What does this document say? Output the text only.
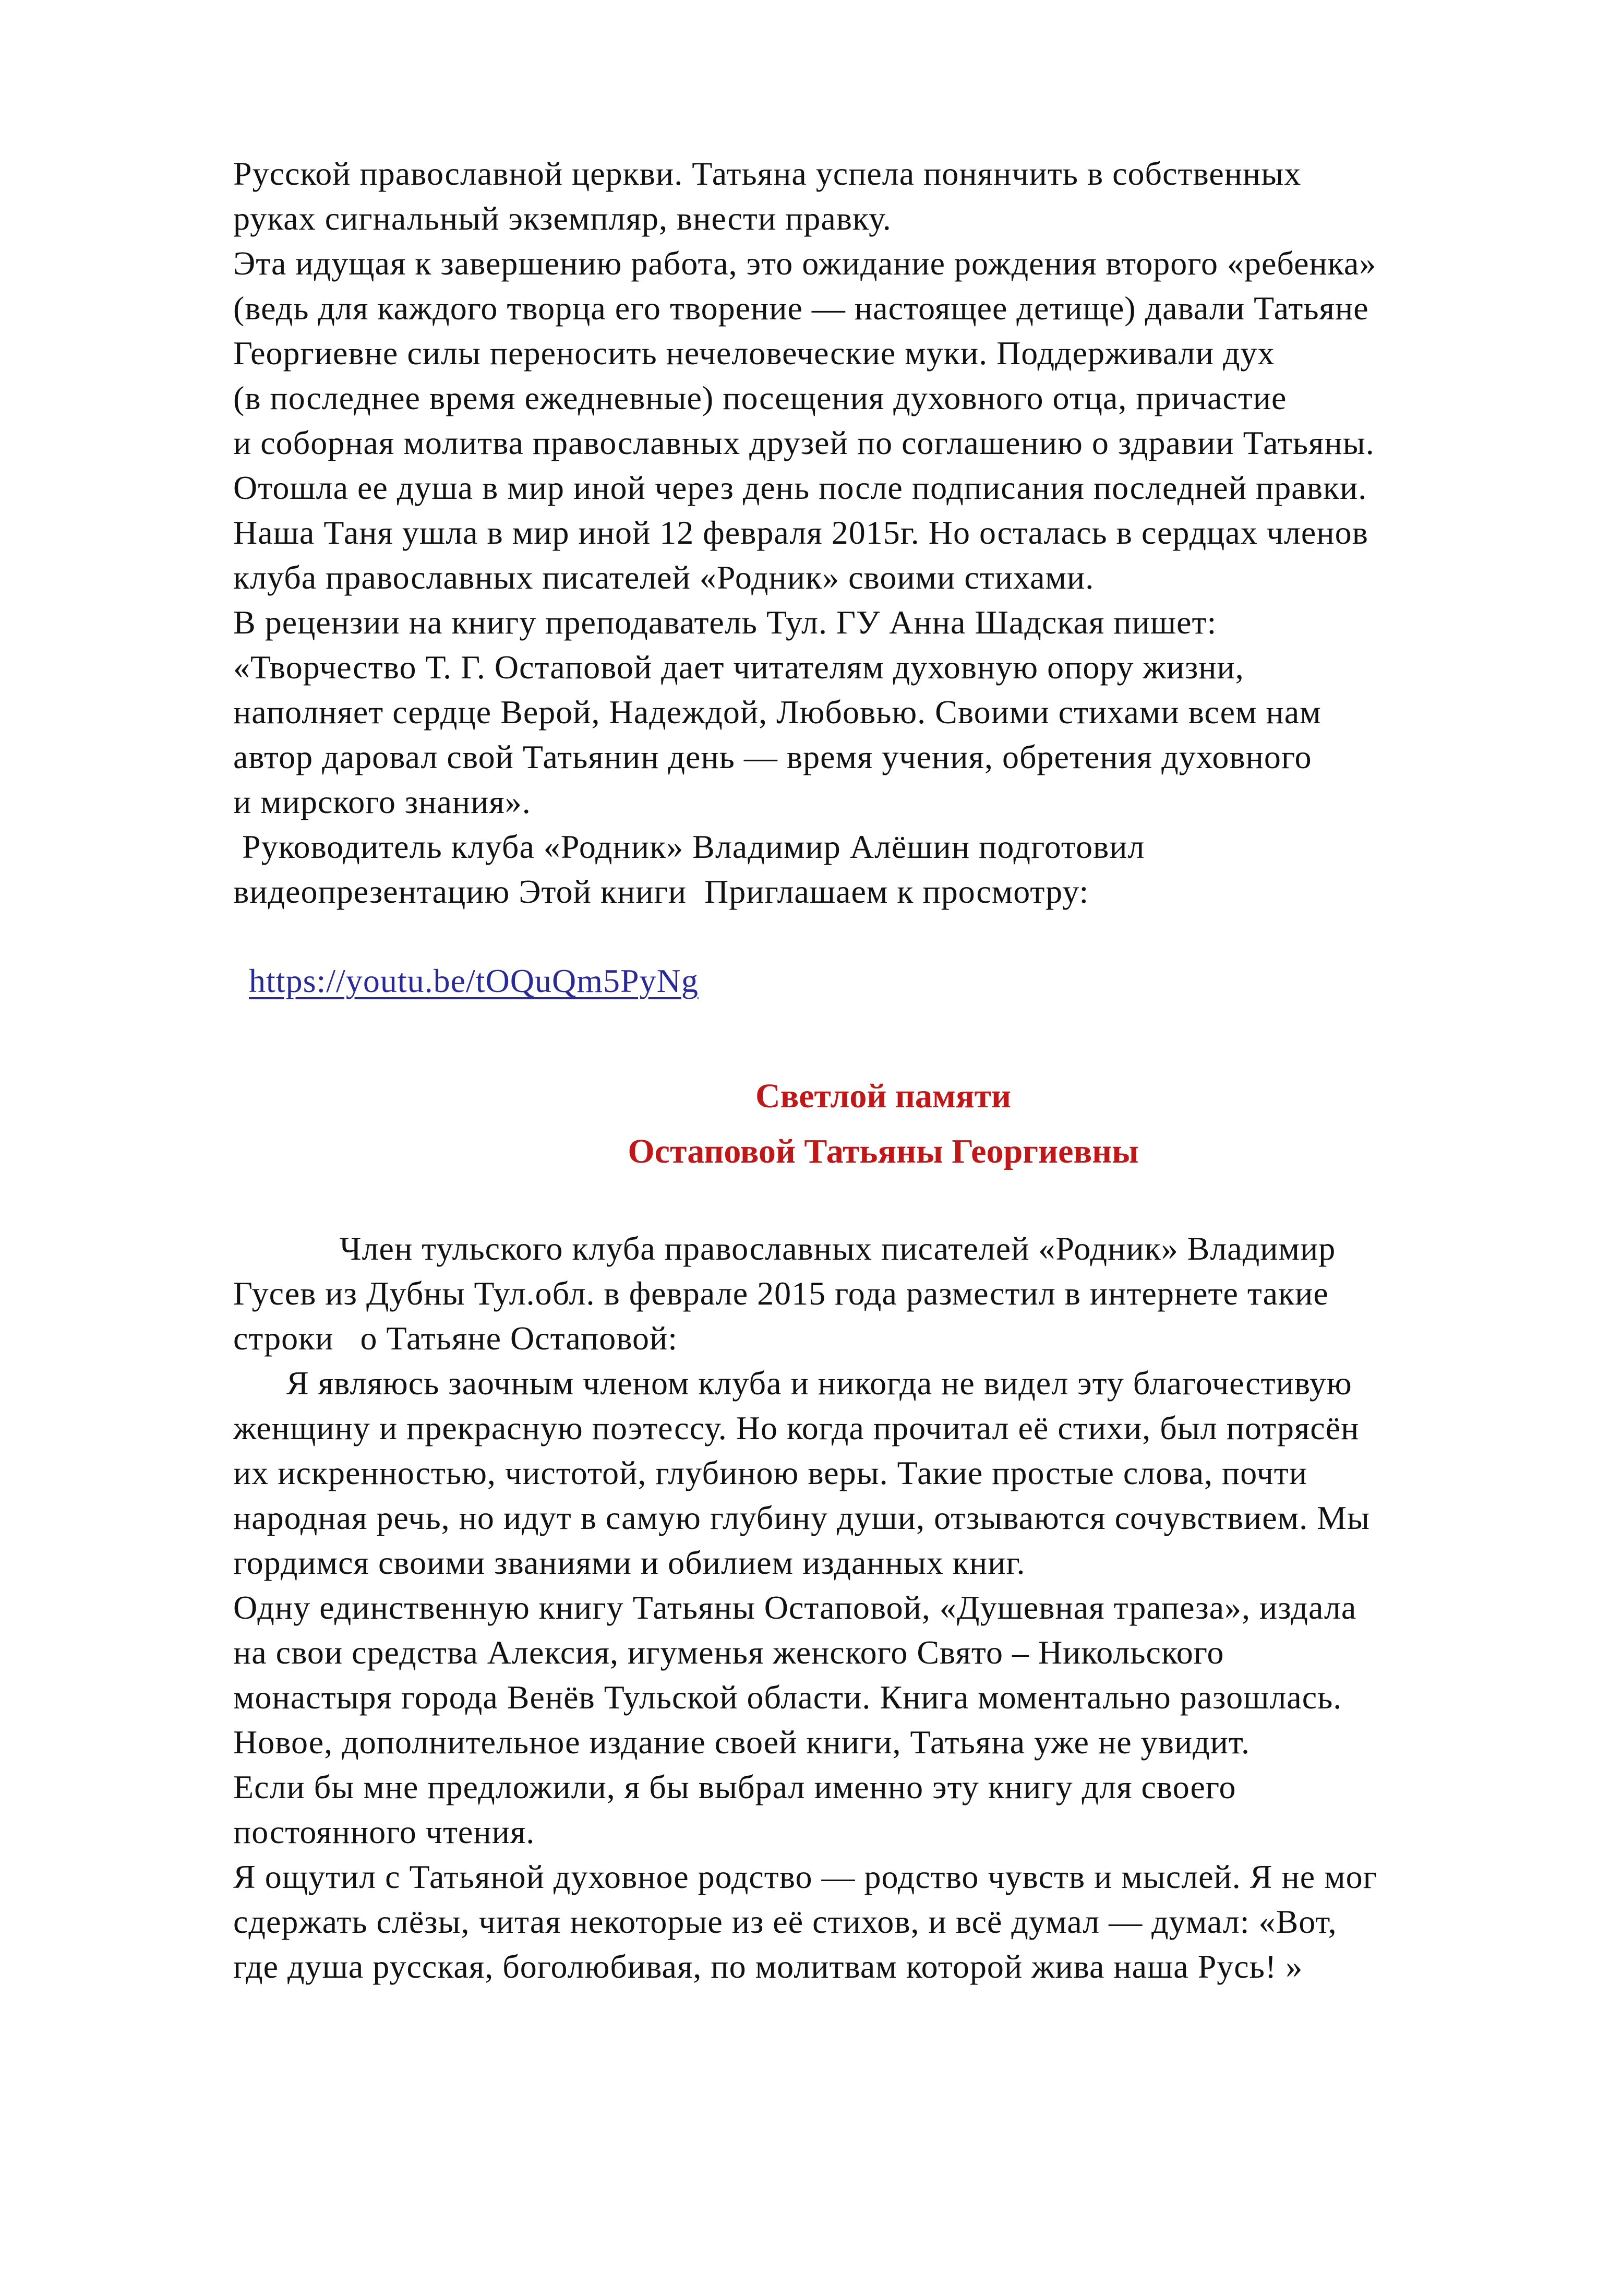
Русской православной церкви. Татьяна успела понянчить в собственных
руках сигнальный экземпляр, внести правку.
Эта идущая к завершению работа, это ожидание рождения второго «ребенка»
(ведь для каждого творца его творение — настоящее детище) давали Татьяне
Георгиевне силы переносить нечеловеческие муки. Поддерживали дух
(в последнее время ежедневные) посещения духовного отца, причастие
и соборная молитва православных друзей по соглашению о здравии Татьяны.
Отошла ее душа в мир иной через день после подписания последней правки.
Наша Таня ушла в мир иной 12 февраля 2015г. Но осталась в сердцах членов
клуба православных писателей «Родник» своими стихами.
В рецензии на книгу преподаватель Тул. ГУ Анна Шадская пишет:
«Творчество Т. Г. Остаповой дает читателям духовную опору жизни,
наполняет сердце Верой, Надеждой, Любовью. Своими стихами всем нам
автор даровал свой Татьянин день — время учения, обретения духовного
и мирского знания».
Руководитель клуба «Родник» Владимир Алёшин подготовил
видеопрезентацию Этой книги  Приглашаем к просмотру:

https://youtu.be/tOQuQm5PyNg

Светлой памяти

Остаповой Татьяны Георгиевны

Член тульского клуба православных писателей «Родник» Владимир
Гусев из Дубны Тул.обл. в феврале 2015 года разместил в интернете такие
строки   о Татьяне Остаповой:
Я являюсь заочным членом клуба и никогда не видел эту благочестивую
женщину и прекрасную поэтессу. Но когда прочитал её стихи, был потрясён
их искренностью, чистотой, глубиною веры. Такие простые слова, почти
народная речь, но идут в самую глубину души, отзываются сочувствием. Мы
гордимся своими званиями и обилием изданных книг.
Одну единственную книгу Татьяны Остаповой, «Душевная трапеза», издала
на свои средства Алексия, игуменья женского Свято – Никольского
монастыря города Венёв Тульской области. Книга моментально разошлась.
Новое, дополнительное издание своей книги, Татьяна уже не увидит.
Если бы мне предложили, я бы выбрал именно эту книгу для своего
постоянного чтения.
Я ощутил с Татьяной духовное родство — родство чувств и мыслей. Я не мог
сдержать слёзы, читая некоторые из её стихов, и всё думал — думал: «Вот,
где душа русская, боголюбивая, по молитвам которой жива наша Русь! »
